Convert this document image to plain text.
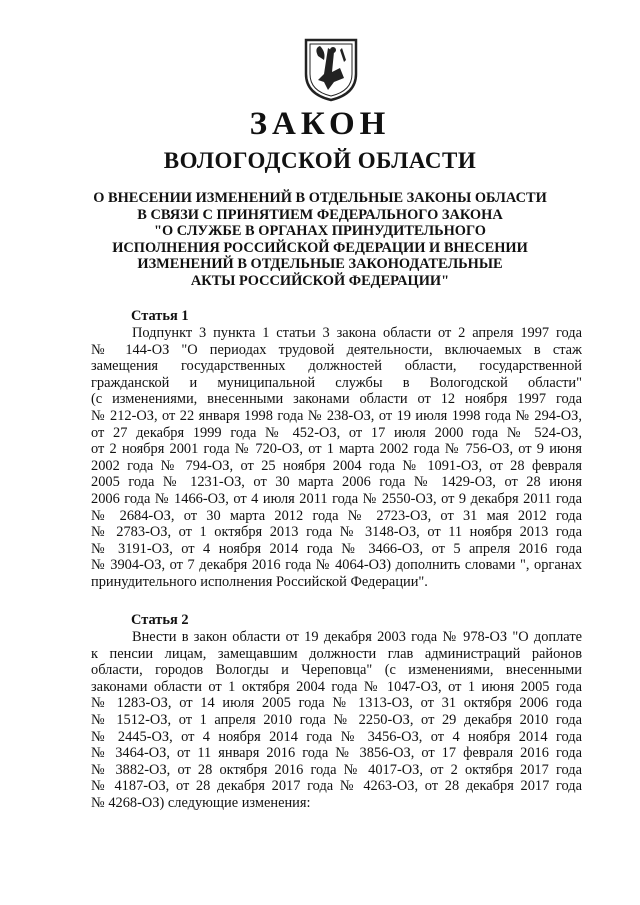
ЗАКОН
ВОЛОГОДСКОЙ ОБЛАСТИ
О ВНЕСЕНИИ ИЗМЕНЕНИЙ В ОТДЕЛЬНЫЕ ЗАКОНЫ ОБЛАСТИ
В СВЯЗИ С ПРИНЯТИЕМ ФЕДЕРАЛЬНОГО ЗАКОНА
"О СЛУЖБЕ В ОРГАНАХ ПРИНУДИТЕЛЬНОГО
ИСПОЛНЕНИЯ РОССИЙСКОЙ ФЕДЕРАЦИИ И ВНЕСЕНИИ
ИЗМЕНЕНИЙ В ОТДЕЛЬНЫЕ ЗАКОНОДАТЕЛЬНЫЕ
АКТЫ РОССИЙСКОЙ ФЕДЕРАЦИИ"
Статья 1
Подпункт 3 пункта 1 статьи 3 закона области от 2 апреля 1997 года
№ 144-ОЗ "О периодах трудовой деятельности, включаемых в стаж
замещения государственных должностей области, государственной
гражданской и муниципальной службы в Вологодской области"
(с изменениями, внесенными законами области от 12 ноября 1997 года
№ 212-ОЗ, от 22 января 1998 года № 238-ОЗ, от 19 июля 1998 года № 294-ОЗ,
от 27 декабря 1999 года № 452-ОЗ, от 17 июля 2000 года № 524-ОЗ,
от 2 ноября 2001 года № 720-ОЗ, от 1 марта 2002 года № 756-ОЗ, от 9 июня
2002 года № 794-ОЗ, от 25 ноября 2004 года № 1091-ОЗ, от 28 февраля
2005 года № 1231-ОЗ, от 30 марта 2006 года № 1429-ОЗ, от 28 июня
2006 года № 1466-ОЗ, от 4 июля 2011 года № 2550-ОЗ, от 9 декабря 2011 года
№ 2684-ОЗ, от 30 марта 2012 года № 2723-ОЗ, от 31 мая 2012 года
№ 2783-ОЗ, от 1 октября 2013 года № 3148-ОЗ, от 11 ноября 2013 года
№ 3191-ОЗ, от 4 ноября 2014 года № 3466-ОЗ, от 5 апреля 2016 года
№ 3904-ОЗ, от 7 декабря 2016 года № 4064-ОЗ) дополнить словами ", органах
принудительного исполнения Российской Федерации".
Статья 2
Внести в закон области от 19 декабря 2003 года № 978-ОЗ "О доплате
к пенсии лицам, замещавшим должности глав администраций районов
области, городов Вологды и Череповца" (с изменениями, внесенными
законами области от 1 октября 2004 года № 1047-ОЗ, от 1 июня 2005 года
№ 1283-ОЗ, от 14 июля 2005 года № 1313-ОЗ, от 31 октября 2006 года
№ 1512-ОЗ, от 1 апреля 2010 года № 2250-ОЗ, от 29 декабря 2010 года
№ 2445-ОЗ, от 4 ноября 2014 года № 3456-ОЗ, от 4 ноября 2014 года
№ 3464-ОЗ, от 11 января 2016 года № 3856-ОЗ, от 17 февраля 2016 года
№ 3882-ОЗ, от 28 октября 2016 года № 4017-ОЗ, от 2 октября 2017 года
№ 4187-ОЗ, от 28 декабря 2017 года № 4263-ОЗ, от 28 декабря 2017 года
№ 4268-ОЗ) следующие изменения:
